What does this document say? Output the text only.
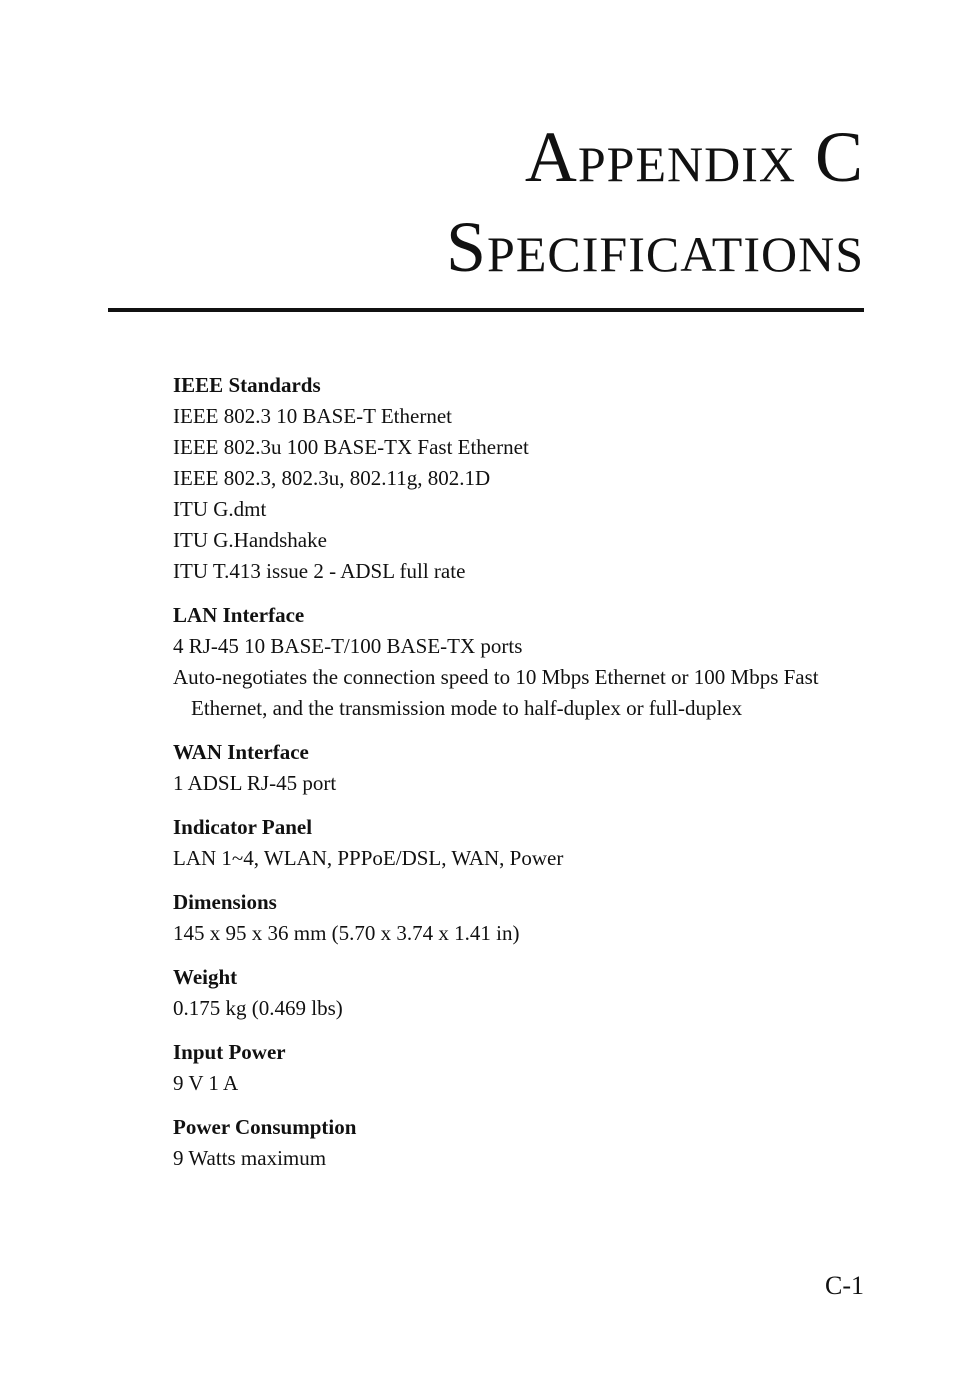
Appendix C
Specifications

IEEE Standards

IEEE 802.3 10 BASE-T Ethernet

IEEE 802.3u 100 BASE-TX Fast Ethernet

IEEE 802.3, 802.3u, 802.11g, 802.1D

ITU G.dmt

ITU G.Handshake

ITU T.413 issue 2 - ADSL full rate

LAN Interface

4 RJ-45 10 BASE-T/100 BASE-TX ports

Auto-negotiates the connection speed to 10 Mbps Ethernet or 100 Mbps Fast Ethernet, and the transmission mode to half-duplex or full-duplex

WAN Interface

1 ADSL RJ-45 port

Indicator Panel

LAN 1~4, WLAN, PPPoE/DSL, WAN, Power

Dimensions

145 x 95 x 36 mm (5.70 x 3.74 x 1.41 in)

Weight

0.175 kg (0.469 lbs)

Input Power

9 V 1 A

Power Consumption

9 Watts maximum

C-1
